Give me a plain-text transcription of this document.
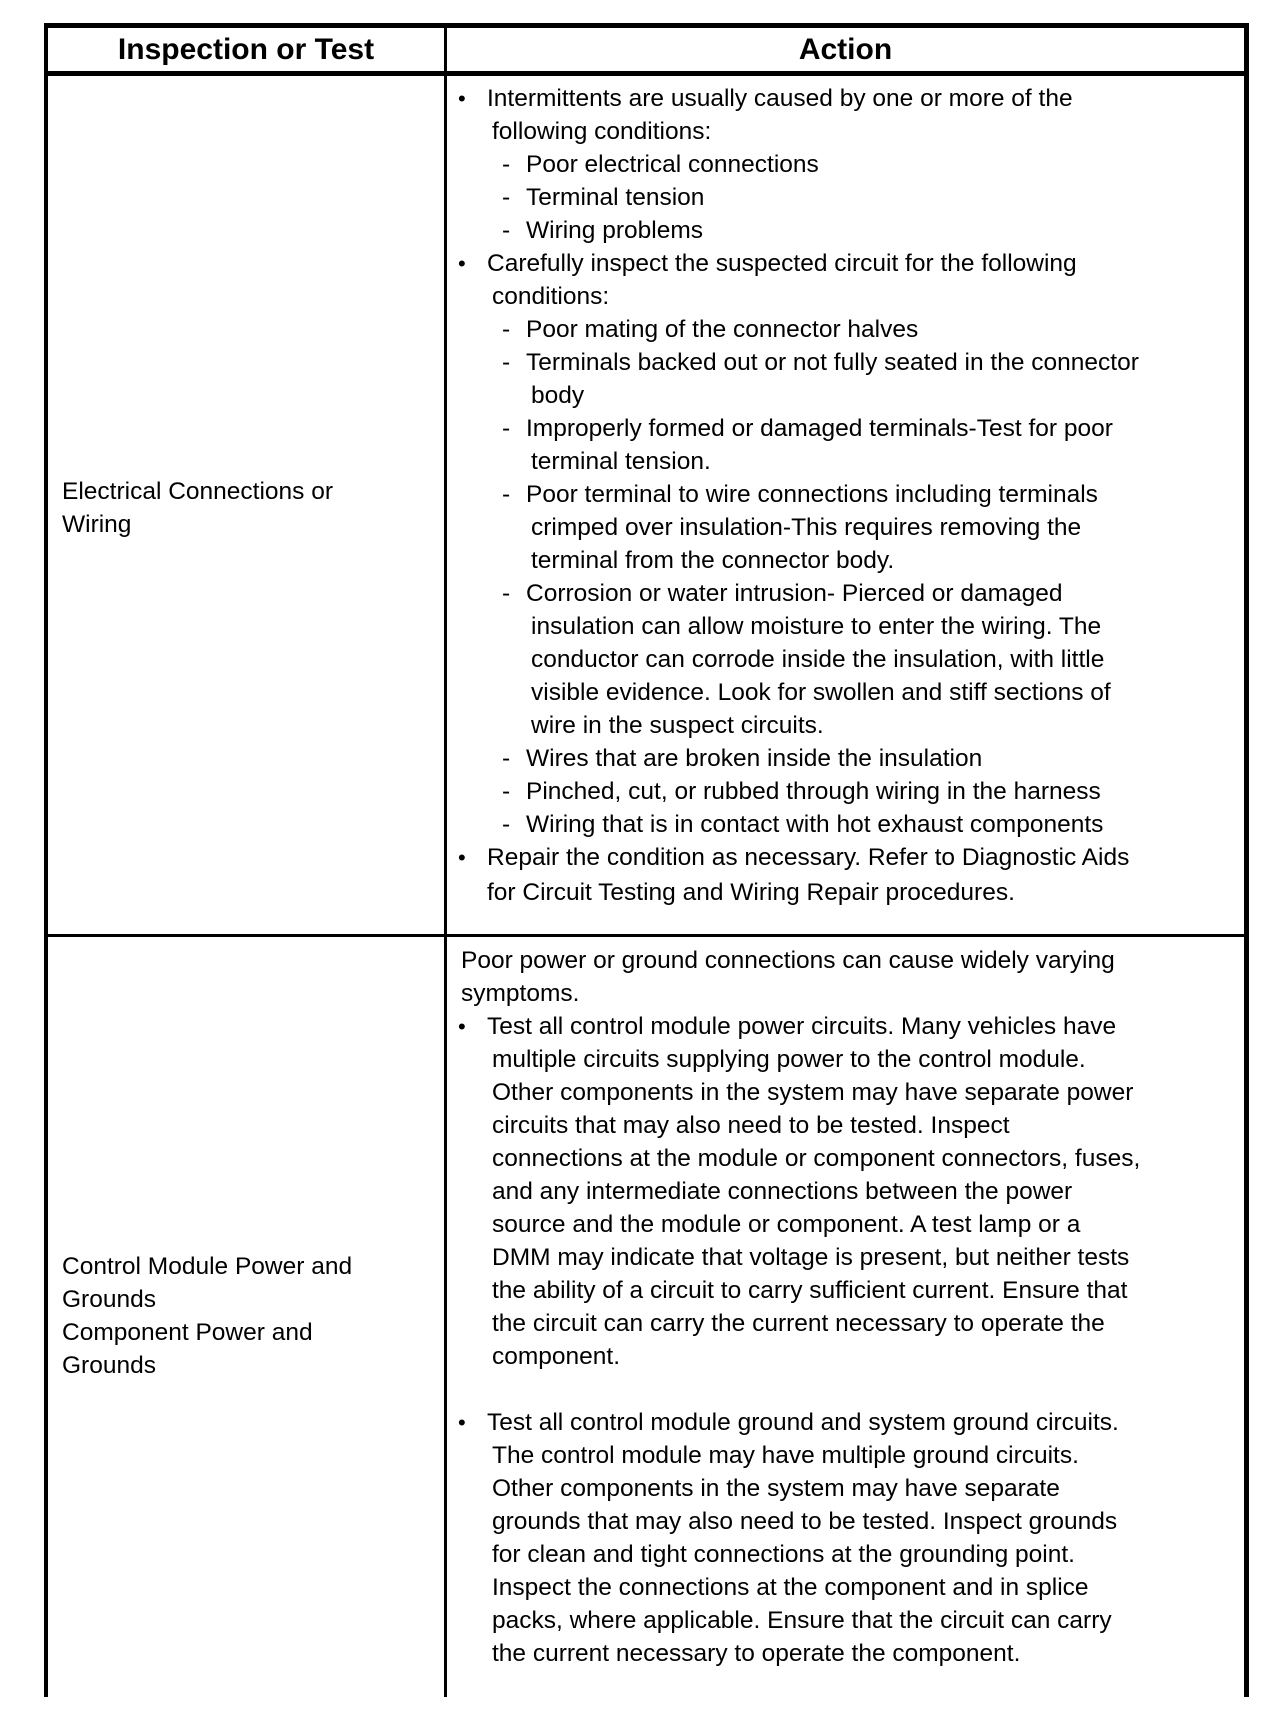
Inspection or Test	Action
Electrical Connections or
Wiring
• Intermittents are usually caused by one or more of the
following conditions:
- Poor electrical connections
- Terminal tension
- Wiring problems
• Carefully inspect the suspected circuit for the following
conditions:
- Poor mating of the connector halves
- Terminals backed out or not fully seated in the connector
body
- Improperly formed or damaged terminals-Test for poor
terminal tension.
- Poor terminal to wire connections including terminals
crimped over insulation-This requires removing the
terminal from the connector body.
- Corrosion or water intrusion- Pierced or damaged
insulation can allow moisture to enter the wiring. The
conductor can corrode inside the insulation, with little
visible evidence. Look for swollen and stiff sections of
wire in the suspect circuits.
- Wires that are broken inside the insulation
- Pinched, cut, or rubbed through wiring in the harness
- Wiring that is in contact with hot exhaust components
• Repair the condition as necessary. Refer to Diagnostic Aids
for Circuit Testing and Wiring Repair procedures.
Control Module Power and
Grounds
Component Power and
Grounds
Poor power or ground connections can cause widely varying
symptoms.
• Test all control module power circuits. Many vehicles have
multiple circuits supplying power to the control module.
Other components in the system may have separate power
circuits that may also need to be tested. Inspect
connections at the module or component connectors, fuses,
and any intermediate connections between the power
source and the module or component. A test lamp or a
DMM may indicate that voltage is present, but neither tests
the ability of a circuit to carry sufficient current. Ensure that
the circuit can carry the current necessary to operate the
component.
• Test all control module ground and system ground circuits.
The control module may have multiple ground circuits.
Other components in the system may have separate
grounds that may also need to be tested. Inspect grounds
for clean and tight connections at the grounding point.
Inspect the connections at the component and in splice
packs, where applicable. Ensure that the circuit can carry
the current necessary to operate the component.
